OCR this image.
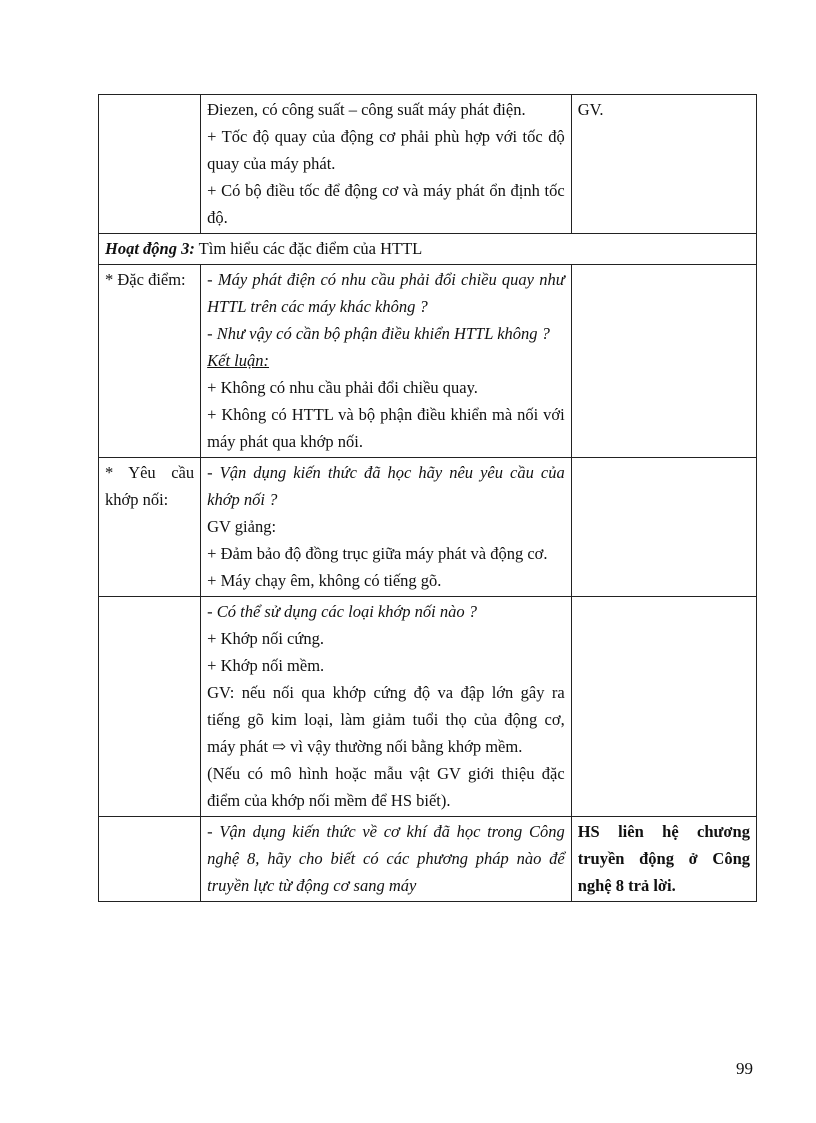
	Điezen, có công suất – công suất máy phát điện.
+ Tốc độ quay của động cơ phải phù hợp với tốc độ quay của máy phát.
+ Có bộ điều tốc để động cơ và máy phát ổn định tốc độ.	GV.
Hoạt động 3: Tìm hiểu các đặc điểm của HTTL		
* Đặc điểm:	- Máy phát điện có nhu cầu phải đổi chiều quay như HTTL trên các máy khác không ?
- Như vậy có cần bộ phận điều khiển HTTL không ?
Kết luận:
+ Không có nhu cầu phải đổi chiều quay.
+ Không có HTTL và bộ phận điều khiển mà nối với máy phát qua khớp nối.	

* Yêu cầu khớp nối:	- Vận dụng kiến thức đã học hãy nêu yêu cầu của khớp nối ?
GV giảng:
+ Đảm bảo độ đồng trục giữa máy phát và động cơ.
+ Máy chạy êm, không có tiếng gõ.	

	- Có thể sử dụng các loại khớp nối nào ?
+ Khớp nối cứng.
+ Khớp nối mềm.
GV: nếu nối qua khớp cứng độ va đập lớn gây ra tiếng gõ kim loại, làm giảm tuổi thọ của động cơ, máy phát ⇨ vì vậy thường nối bằng khớp mềm.
(Nếu có mô hình hoặc mẫu vật GV giới thiệu đặc điểm của khớp nối mềm để HS biết).	

	- Vận dụng kiến thức về cơ khí đã học trong Công nghệ 8, hãy cho biết có các phương pháp nào để truyền lực từ động cơ sang máy	HS liên hệ chương truyền động ở Công nghệ 8 trả lời.
99
